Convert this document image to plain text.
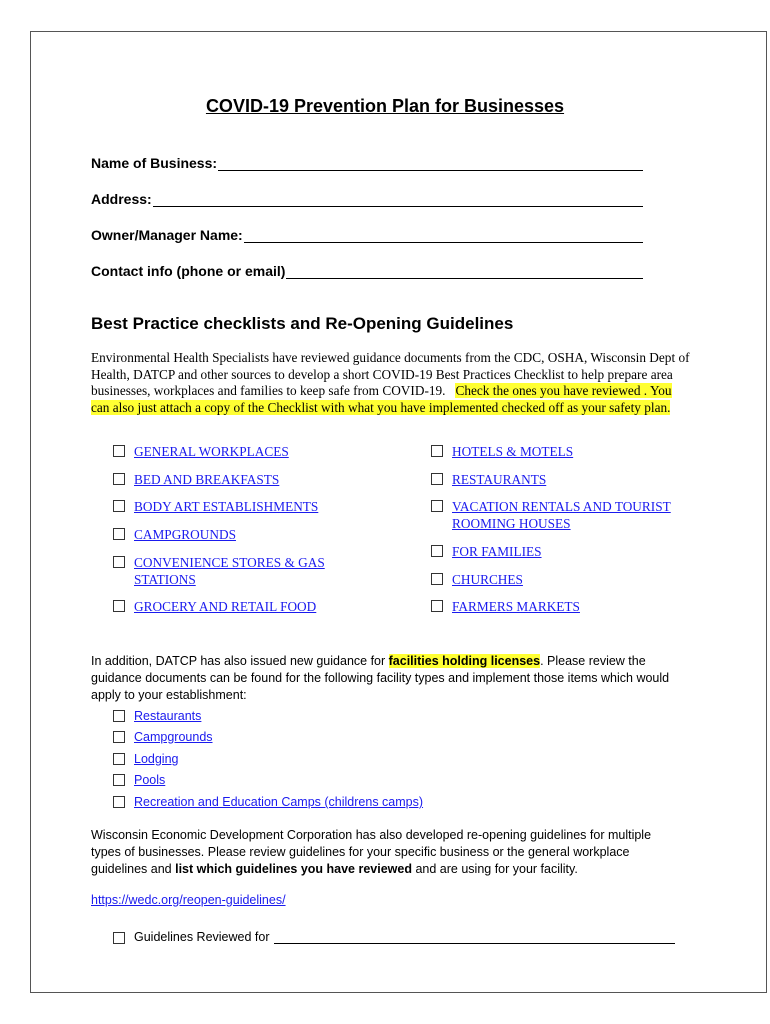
COVID-19 Prevention Plan for Businesses
Name of Business:
Address:
Owner/Manager Name:
Contact info (phone or email)
Best Practice checklists and Re-Opening Guidelines
Environmental Health Specialists have reviewed guidance documents from the CDC, OSHA, Wisconsin Dept of Health, DATCP and other sources to develop a short COVID-19 Best Practices Checklist to help prepare area businesses, workplaces and families to keep safe from COVID-19. Check the ones you have reviewed . You can also just attach a copy of the Checklist with what you have implemented checked off as your safety plan.
GENERAL WORKPLACES
BED AND BREAKFASTS
BODY ART ESTABLISHMENTS
CAMPGROUNDS
CONVENIENCE STORES & GAS STATIONS
GROCERY AND RETAIL FOOD
HOTELS & MOTELS
RESTAURANTS
VACATION RENTALS AND TOURIST ROOMING HOUSES
FOR FAMILIES
CHURCHES
FARMERS MARKETS
In addition, DATCP has also issued new guidance for facilities holding licenses. Please review the guidance documents can be found for the following facility types and implement those items which would apply to your establishment:
Restaurants
Campgrounds
Lodging
Pools
Recreation and Education Camps (childrens camps)
Wisconsin Economic Development Corporation has also developed re-opening guidelines for multiple types of businesses. Please review guidelines for your specific business or the general workplace guidelines and list which guidelines you have reviewed and are using for your facility.
https://wedc.org/reopen-guidelines/
Guidelines Reviewed for
